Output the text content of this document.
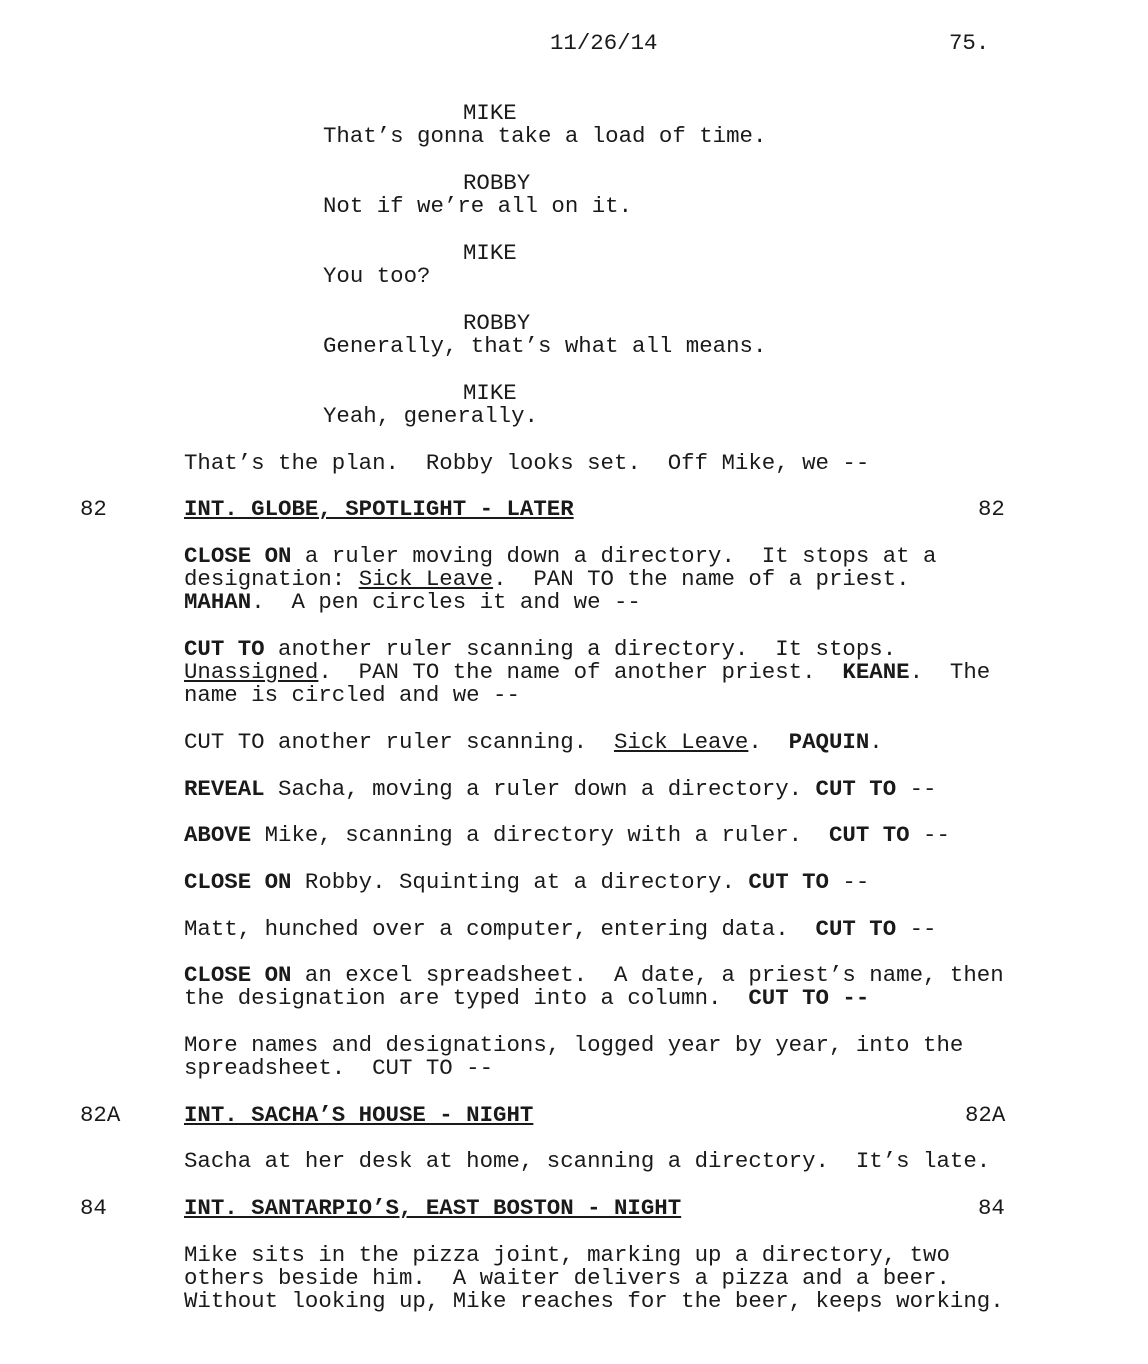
11/26/14	75.
MIKE
That’s gonna take a load of time.
ROBBY
Not if we’re all on it.
MIKE
You too?
ROBBY
Generally, that’s what all means.
MIKE
Yeah, generally.
That’s the plan.  Robby looks set.  Off Mike, we --
82	INT. GLOBE, SPOTLIGHT - LATER	82
CLOSE ON a ruler moving down a directory.  It stops at a
designation: Sick Leave.  PAN TO the name of a priest.
MAHAN.  A pen circles it and we --
CUT TO another ruler scanning a directory.  It stops.
Unassigned.  PAN TO the name of another priest.  KEANE.  The
name is circled and we --
CUT TO another ruler scanning.  Sick Leave.  PAQUIN.
REVEAL Sacha, moving a ruler down a directory. CUT TO --
ABOVE Mike, scanning a directory with a ruler.  CUT TO --
CLOSE ON Robby. Squinting at a directory. CUT TO --
Matt, hunched over a computer, entering data.  CUT TO --
CLOSE ON an excel spreadsheet.  A date, a priest’s name, then
the designation are typed into a column.  CUT TO --
More names and designations, logged year by year, into the
spreadsheet.  CUT TO --
82A	INT. SACHA’S HOUSE - NIGHT	82A
Sacha at her desk at home, scanning a directory.  It’s late.
84	INT. SANTARPIO’S, EAST BOSTON - NIGHT	84
Mike sits in the pizza joint, marking up a directory, two
others beside him.  A waiter delivers a pizza and a beer.
Without looking up, Mike reaches for the beer, keeps working.
